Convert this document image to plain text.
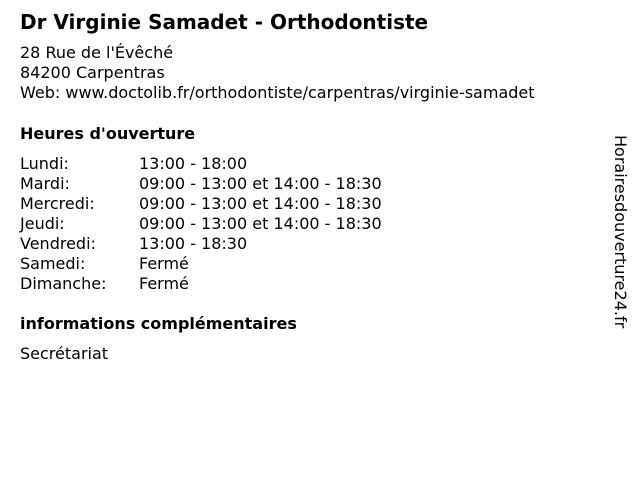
Dr Virginie Samadet - Orthodontiste
28 Rue de l'Évêché
84200 Carpentras
Web: www.doctolib.fr/orthodontiste/carpentras/virginie-samadet
Heures d'ouverture
Lundi:	13:00 - 18:00
Mardi:	09:00 - 13:00 et 14:00 - 18:30
Mercredi:	09:00 - 13:00 et 14:00 - 18:30
Jeudi:	09:00 - 13:00 et 14:00 - 18:30
Vendredi:	13:00 - 18:30
Samedi:	Fermé
Dimanche: Fermé
informations complémentaires
Secrétariat
Horairesdouverture24.fr
